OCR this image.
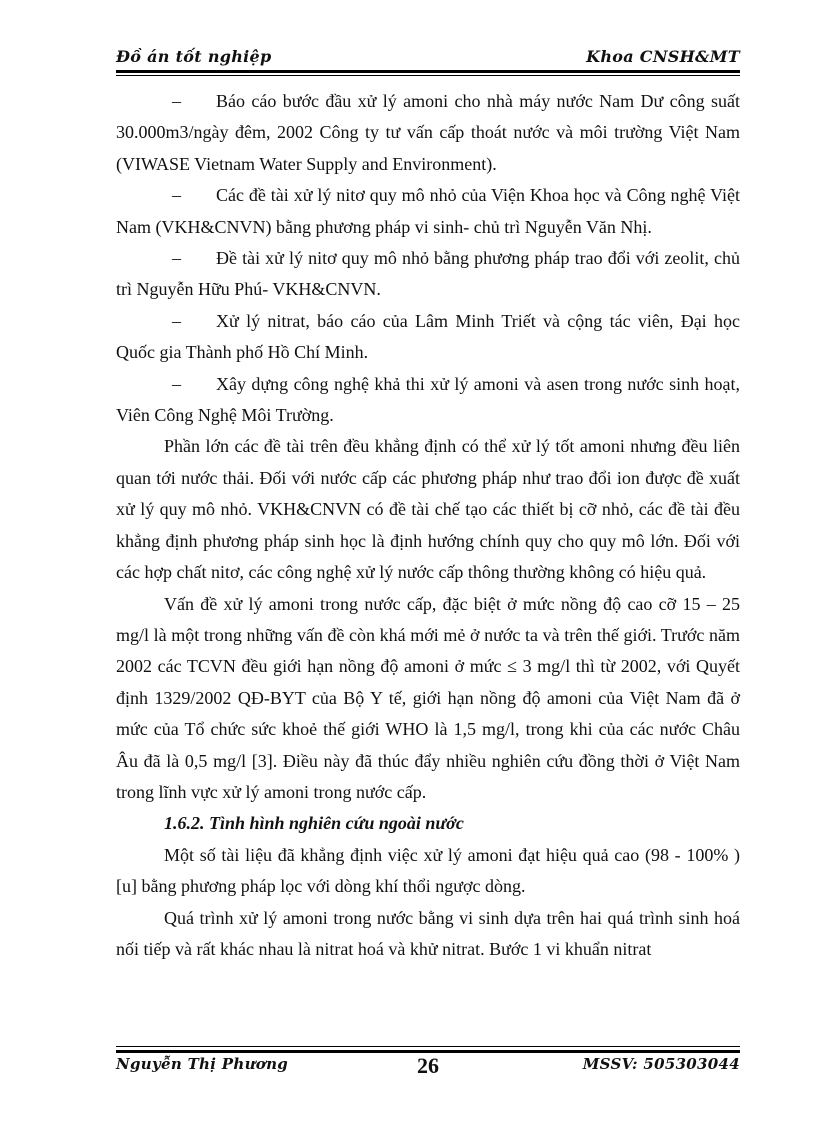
Đồ án tốt nghiệp	Khoa CNSH&MT

– Báo cáo bước đầu xử lý amoni cho nhà máy nước Nam Dư công suất 30.000m3/ngày đêm, 2002 Công ty tư vấn cấp thoát nước và môi trường Việt Nam (VIWASE Vietnam Water Supply and Environment).

– Các đề tài xử lý nitơ quy mô nhỏ của Viện Khoa học và Công nghệ Việt Nam (VKH&CNVN) bằng phương pháp vi sinh- chủ trì Nguyễn Văn Nhị.

– Đề tài xử lý nitơ quy mô nhỏ bằng phương pháp trao đổi với zeolit, chủ trì Nguyễn Hữu Phú- VKH&CNVN.

– Xử lý nitrat, báo cáo của Lâm Minh Triết và cộng tác viên, Đại học Quốc gia Thành phố Hồ Chí Minh.

– Xây dựng công nghệ khả thi xử lý amoni và asen trong nước sinh hoạt, Viên Công Nghệ Môi Trường.

Phần lớn các đề tài trên đều khẳng định có thể xử lý tốt amoni nhưng đều liên quan tới nước thải. Đối với nước cấp các phương pháp như trao đổi ion được đề xuất xử lý quy mô nhỏ. VKH&CNVN có đề tài chế tạo các thiết bị cỡ nhỏ, các đề tài đều khẳng định phương pháp sinh học là định hướng chính quy cho quy mô lớn. Đối với các hợp chất nitơ, các công nghệ xử lý nước cấp thông thường không có hiệu quả.

Vấn đề xử lý amoni trong nước cấp, đặc biệt ở mức nồng độ cao cỡ 15 – 25 mg/l là một trong những vấn đề còn khá mới mẻ ở nước ta và trên thế giới. Trước năm 2002 các TCVN đều giới hạn nồng độ amoni ở mức ≤ 3 mg/l thì từ 2002, với Quyết định 1329/2002 QĐ-BYT của Bộ Y tế, giới hạn nồng độ amoni của Việt Nam đã ở mức của Tổ chức sức khoẻ thế giới WHO là 1,5 mg/l, trong khi của các nước Châu Âu đã là 0,5 mg/l [3]. Điều này đã thúc đẩy nhiều nghiên cứu đồng thời ở Việt Nam trong lĩnh vực xử lý amoni trong nước cấp.

1.6.2. Tình hình nghiên cứu ngoài nước

Một số tài liệu đã khẳng định việc xử lý amoni đạt hiệu quả cao (98 - 100% ) [u] bằng phương pháp lọc với dòng khí thổi ngược dòng.

Quá trình xử lý amoni trong nước bằng vi sinh dựa trên hai quá trình sinh hoá nối tiếp và rất khác nhau là nitrat hoá và khử nitrat. Bước 1 vi khuẩn nitrat

Nguyễn Thị Phương	26	MSSV: 505303044
